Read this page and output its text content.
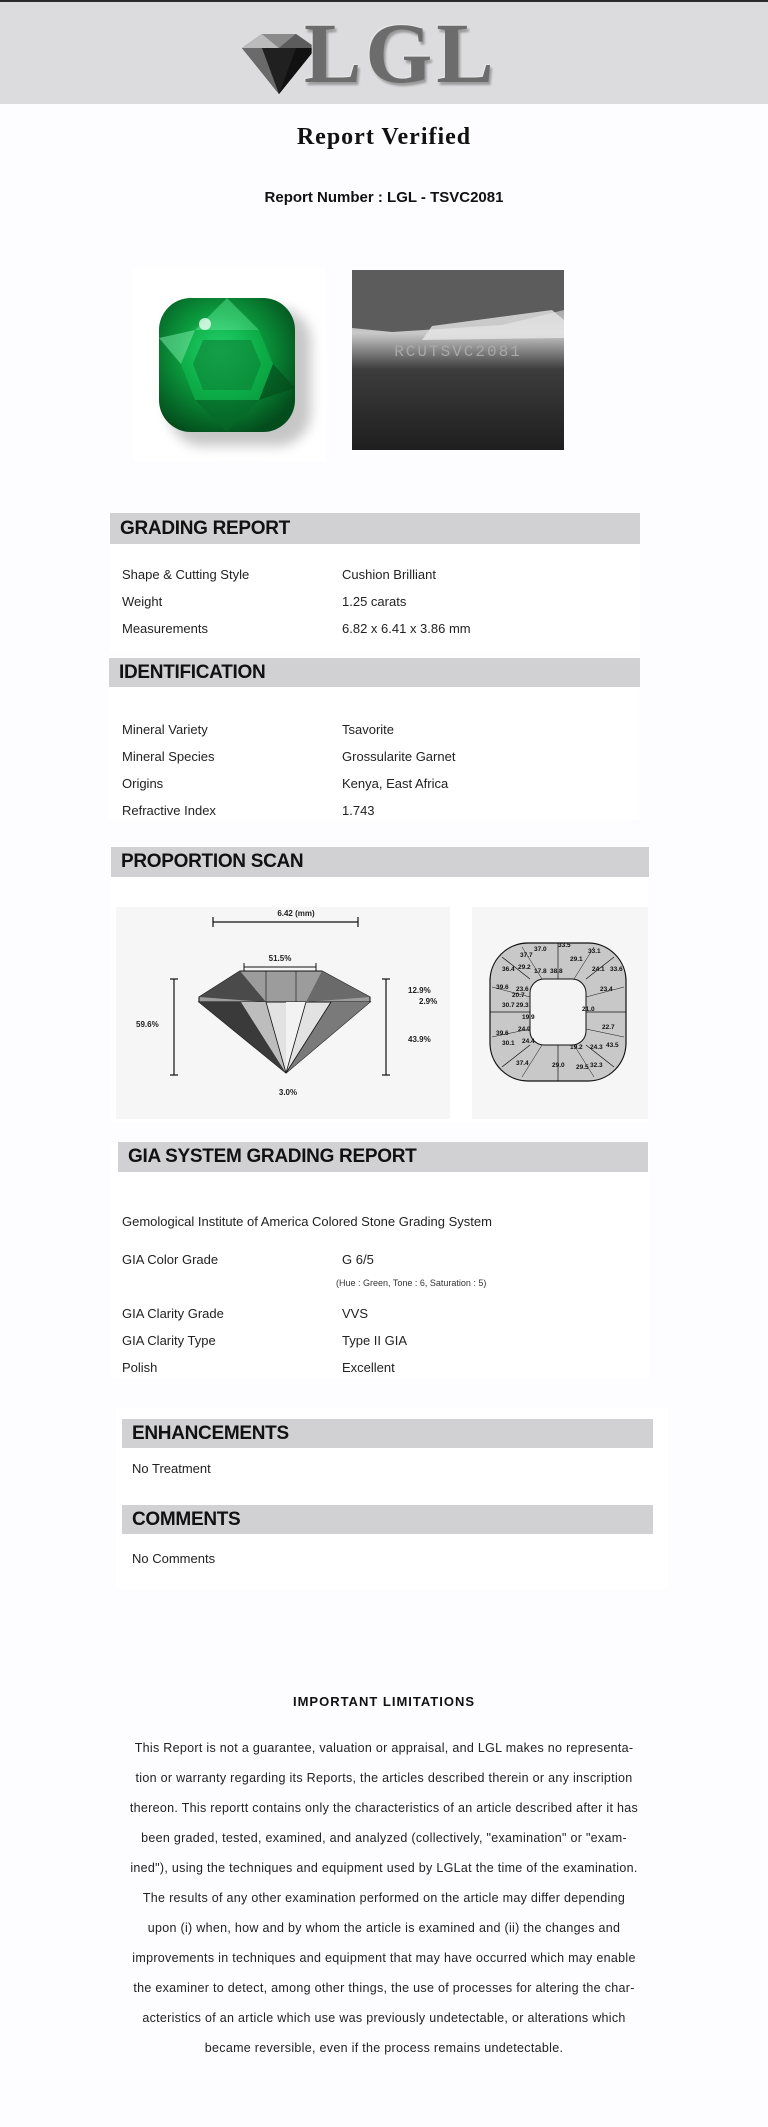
LGL
Report Verified
Report Number : LGL - TSVC2081
RCUTSVC2081
GRADING REPORT
Shape & Cutting Style	Cushion Brilliant
Weight	1.25 carats
Measurements	6.82 x 6.41 x 3.86 mm
IDENTIFICATION
Mineral Variety	Tsavorite
Mineral Species	Grossularite Garnet
Origins	Kenya, East Africa
Refractive Index	1.743
PROPORTION SCAN
6.42 (mm)
51.5%
59.6%
12.9%
2.9%
43.9%
3.0%
37.7
37.0
33.5
33.1
36.4 29.2
17.8 38.8
29.1
24.1 33.6
39.6 23.6
20.7
23.4
30.7 29.3
19.9
21.0
24.9	22.7
39.6
30.1 24.4
19.2 24.3 43.5
37.4	29.0 29.5 32.3
GIA SYSTEM GRADING REPORT
Gemological Institute of America Colored Stone Grading System
GIA Color Grade	G 6/5
(Hue : Green, Tone : 6, Saturation : 5)
GIA Clarity Grade	VVS
GIA Clarity Type	Type II GIA
Polish	Excellent
ENHANCEMENTS
No Treatment
COMMENTS
No Comments
IMPORTANT LIMITATIONS
This Report is not a guarantee, valuation or appraisal, and LGL makes no representa-
tion or warranty regarding its Reports, the articles described therein or any inscription
thereon. This reportt contains only the characteristics of an article described after it has
been graded, tested, examined, and analyzed (collectively, "examination" or "exam-
ined"), using the techniques and equipment used by LGLat the time of the examination.
The results of any other examination performed on the article may differ depending
upon (i) when, how and by whom the article is examined and (ii) the changes and
improvements in techniques and equipment that may have occurred which may enable
the examiner to detect, among other things, the use of processes for altering the char-
acteristics of an article which use was previously undetectable, or alterations which
became reversible, even if the process remains undetectable.
